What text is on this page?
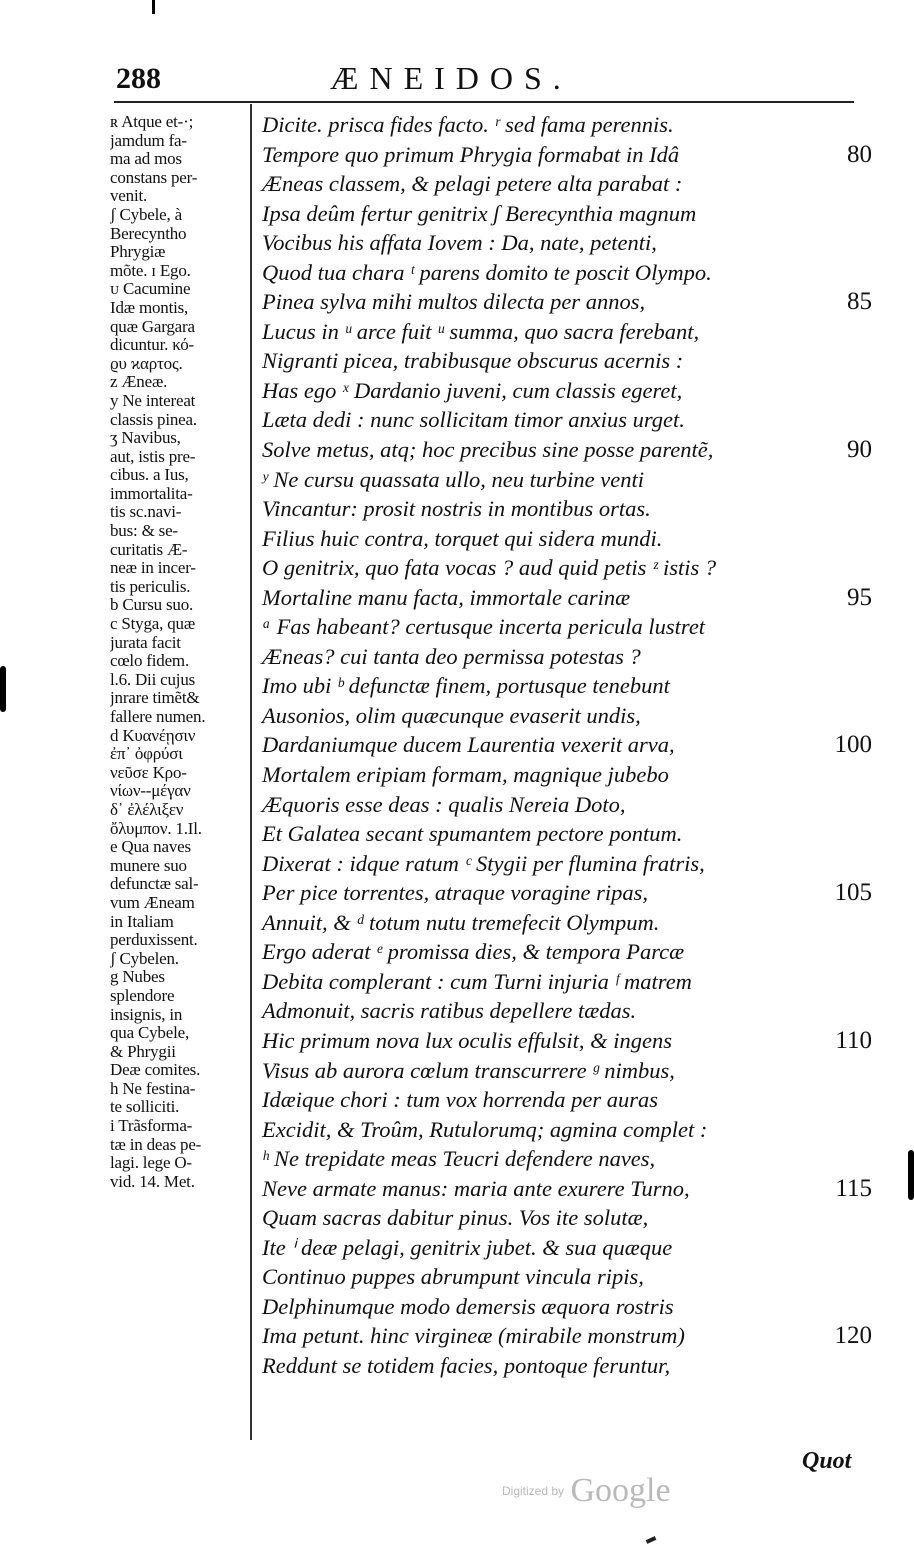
288	ÆNEIDOS.
ʀ Atque et-·;
jamdum fa-
ma ad mos
constans per-
venit.
ʃ Cybele, à
Berecyntho
Phrygiæ
mõte. ɪ Ego.
ᴜ Cacumine
Idæ montis,
quæ Gargara
dicuntur. κό-
ϱυ ϰαρτος.
ᴢ Æneæ.
y Ne intereat
classis pinea.
ʒ Navibus,
aut, istis pre-
cibus. a Ius,
immortalita-
tis sc.navi-
bus: & se-
curitatis Æ-
neæ in incer-
tis periculis.
b Cursu suo.
c Styga, quæ
jurata facit
cœlo fidem.
l.6. Dii cujus
jnrare timẽt&
fallere numen.
d Κυανέῃσιν
ἐπ᾽ ὀφρύσι
νεῦσε Κρο-
νίων--μέγαν
δ᾽ ἐλέλιξεν
ὄλυμπον. 1.Il.
e Qua naves
munere suo
defunctæ sal-
vum Æneam
in Italiam
perduxissent.
ʃ Cybelen.
g Nubes
splendore
insignis, in
qua Cybele,
& Phrygii
Deæ comites.
h Ne festina-
te solliciti.
i Trãsforma-
tæ in deas pe-
lagi. lege O-
vid. 14. Met.
Dicite. prisca fides facto. ʳ sed fama perennis.
Tempore quo primum Phrygia formabat in Idâ	80
Æneas classem, & pelagi petere alta parabat :
Ipsa deûm fertur genitrix ʃ Berecynthia magnum
Vocibus his affata Iovem : Da, nate, petenti,
Quod tua chara ᵗ parens domito te poscit Olympo.
Pinea sylva mihi multos dilecta per annos,	85
Lucus in ᵘ arce fuit ᵘ summa, quo sacra ferebant,
Nigranti picea, trabibusque obscurus acernis :
Has ego ˣ Dardanio juveni, cum classis egeret,
Læta dedi : nunc sollicitam timor anxius urget.
Solve metus, atq; hoc precibus sine posse parentẽ,	90
ʸ Ne cursu quassata ullo, neu turbine venti
Vincantur: prosit nostris in montibus ortas.
Filius huic contra, torquet qui sidera mundi.
O genitrix, quo fata vocas ? aud quid petis ᶻ istis ?
Mortaline manu facta, immortale carinæ	95
ᵃ Fas habeant? certusque incerta pericula lustret
Æneas? cui tanta deo permissa potestas ?
Imo ubi ᵇ defunctæ finem, portusque tenebunt
Ausonios, olim quæcunque evaserit undis,
Dardaniumque ducem Laurentia vexerit arva,	100
Mortalem eripiam formam, magnique jubebo
Æquoris esse deas : qualis Nereia Doto,
Et Galatea secant spumantem pectore pontum.
Dixerat : idque ratum ᶜ Stygii per flumina fratris,
Per pice torrentes, atraque voragine ripas,	105
Annuit, & ᵈ totum nutu tremefecit Olympum.
Ergo aderat ᵉ promissa dies, & tempora Parcæ
Debita complerant : cum Turni injuria ᶠ matrem
Admonuit, sacris ratibus depellere tædas.
Hic primum nova lux oculis effulsit, & ingens	110
Visus ab aurora cœlum transcurrere ᵍ nimbus,
Idæique chori : tum vox horrenda per auras
Excidit, & Troûm, Rutulorumq; agmina complet :
ʰ Ne trepidate meas Teucri defendere naves,
Neve armate manus: maria ante exurere Turno,	115
Quam sacras dabitur pinus. Vos ite solutæ,
Ite ⁱ deæ pelagi, genitrix jubet. & sua quæque
Continuo puppes abrumpunt vincula ripis,
Delphinumque modo demersis æquora rostris
Ima petunt. hinc virgineæ (mirabile monstrum)	120
Reddunt se totidem facies, pontoque feruntur,
Quot
$^{Digitized by}$ Google
